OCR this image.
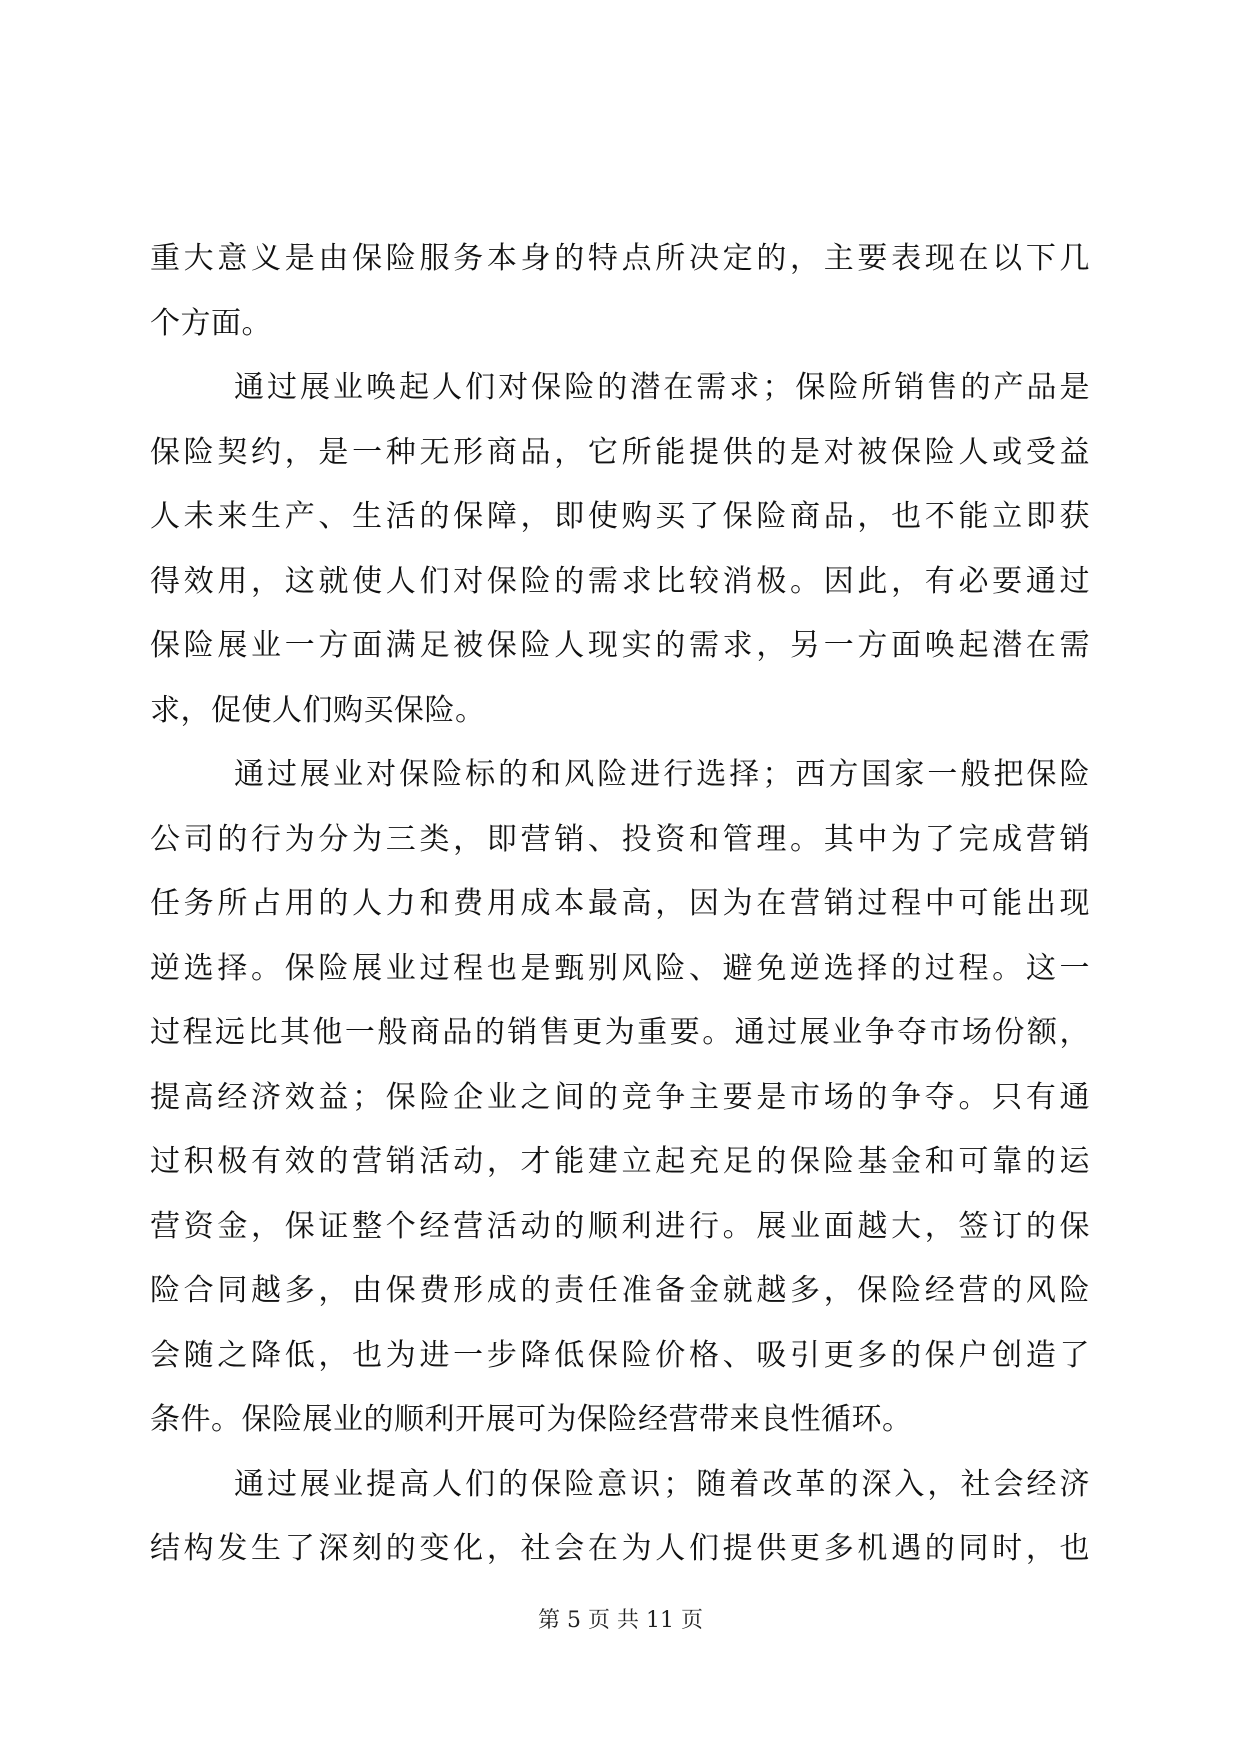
重大意义是由保险服务本身的特点所决定的，主要表现在以下几
个方面。
通过展业唤起人们对保险的潜在需求；保险所销售的产品是
保险契约，是一种无形商品，它所能提供的是对被保险人或受益
人未来生产、生活的保障，即使购买了保险商品，也不能立即获
得效用，这就使人们对保险的需求比较消极。因此，有必要通过
保险展业一方面满足被保险人现实的需求，另一方面唤起潜在需
求，促使人们购买保险。
通过展业对保险标的和风险进行选择；西方国家一般把保险
公司的行为分为三类，即营销、投资和管理。其中为了完成营销
任务所占用的人力和费用成本最高，因为在营销过程中可能出现
逆选择。保险展业过程也是甄别风险、避免逆选择的过程。这一
过程远比其他一般商品的销售更为重要。通过展业争夺市场份额，
提高经济效益；保险企业之间的竞争主要是市场的争夺。只有通
过积极有效的营销活动，才能建立起充足的保险基金和可靠的运
营资金，保证整个经营活动的顺利进行。展业面越大，签订的保
险合同越多，由保费形成的责任准备金就越多，保险经营的风险
会随之降低，也为进一步降低保险价格、吸引更多的保户创造了
条件。保险展业的顺利开展可为保险经营带来良性循环。
通过展业提高人们的保险意识；随着改革的深入，社会经济
结构发生了深刻的变化，社会在为人们提供更多机遇的同时，也
第 5 页 共 11 页
